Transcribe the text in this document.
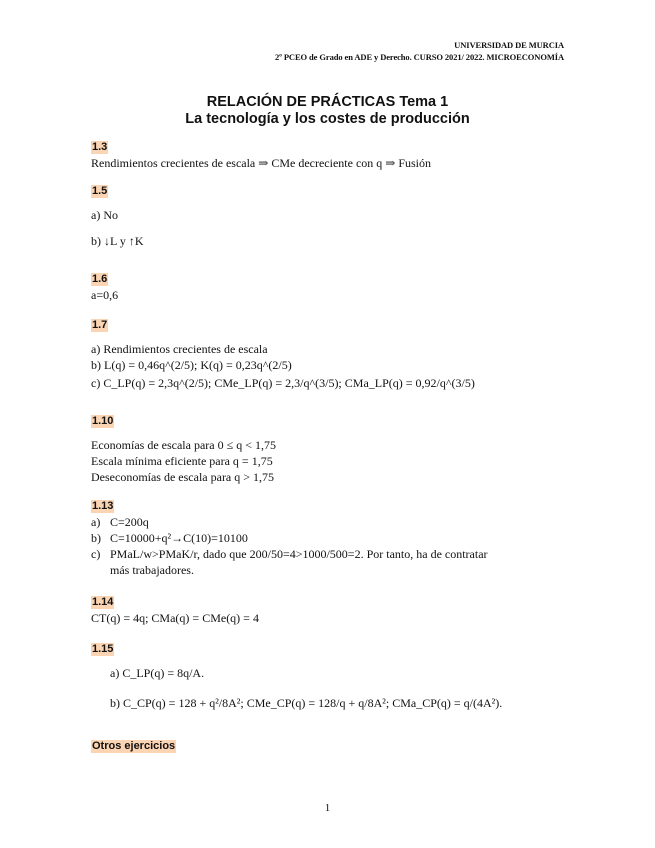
UNIVERSIDAD DE MURCIA
2º PCEO de Grado en ADE y Derecho. CURSO 2021/ 2022. MICROECONOMÍA
RELACIÓN DE PRÁCTICAS Tema 1
La tecnología y los costes de producción
1.3
Rendimientos crecientes de escala ⇒ CMe decreciente con q ⇒ Fusión
1.5
a) No
b) ↓L y ↑K
1.6
a=0,6
1.7
a) Rendimientos crecientes de escala
b) L(q) = 0,46q^(2/5); K(q) = 0,23q^(2/5)
c) C_LP(q) = 2,3q^(2/5); CMe_LP(q) = 2,3/q^(3/5); CMa_LP(q) = 0,92/q^(3/5)
1.10
Economías de escala para 0 ≤ q < 1,75
Escala mínima eficiente para q = 1,75
Deseconomías de escala para q > 1,75
1.13
a) C=200q
b) C=10000+q²→C(10)=10100
c) PMaL/w>PMaK/r, dado que 200/50=4>1000/500=2. Por tanto, ha de contratar
más trabajadores.
1.14
CT(q) = 4q; CMa(q) = CMe(q) = 4
1.15
a) C_LP(q) = 8q/A.
b) C_CP(q) = 128 + q²/8A²; CMe_CP(q) = 128/q + q/8A²; CMa_CP(q) = q/(4A²).
Otros ejercicios
1
